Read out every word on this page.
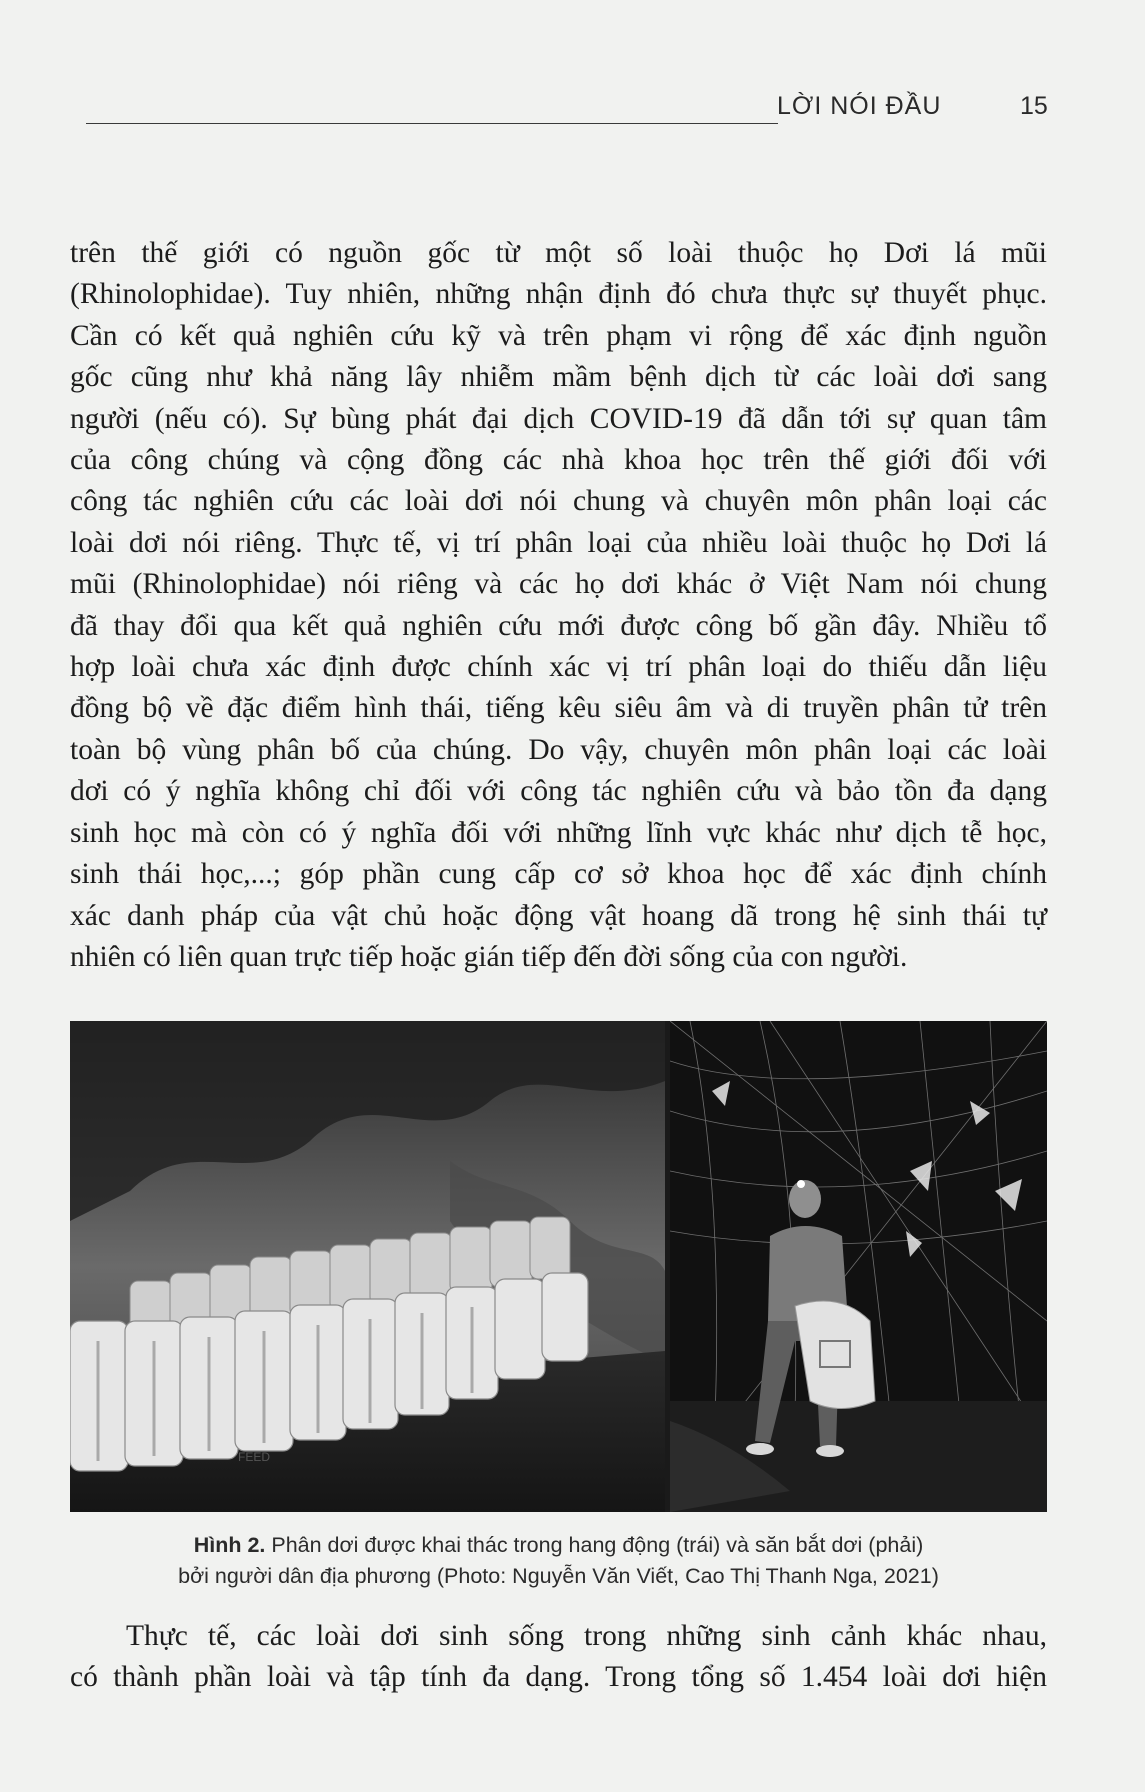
LỜI NÓI ĐẦU	15
trên thế giới có nguồn gốc từ một số loài thuộc họ Dơi lá mũi
(Rhinolophidae). Tuy nhiên, những nhận định đó chưa thực sự thuyết phục.
Cần có kết quả nghiên cứu kỹ và trên phạm vi rộng để xác định nguồn
gốc cũng như khả năng lây nhiễm mầm bệnh dịch từ các loài dơi sang
người (nếu có). Sự bùng phát đại dịch COVID-19 đã dẫn tới sự quan tâm
của công chúng và cộng đồng các nhà khoa học trên thế giới đối với
công tác nghiên cứu các loài dơi nói chung và chuyên môn phân loại các
loài dơi nói riêng. Thực tế, vị trí phân loại của nhiều loài thuộc họ Dơi lá
mũi (Rhinolophidae) nói riêng và các họ dơi khác ở Việt Nam nói chung
đã thay đổi qua kết quả nghiên cứu mới được công bố gần đây. Nhiều tổ
hợp loài chưa xác định được chính xác vị trí phân loại do thiếu dẫn liệu
đồng bộ về đặc điểm hình thái, tiếng kêu siêu âm và di truyền phân tử trên
toàn bộ vùng phân bố của chúng. Do vậy, chuyên môn phân loại các loài
dơi có ý nghĩa không chỉ đối với công tác nghiên cứu và bảo tồn đa dạng
sinh học mà còn có ý nghĩa đối với những lĩnh vực khác như dịch tễ học,
sinh thái học,...; góp phần cung cấp cơ sở khoa học để xác định chính
xác danh pháp của vật chủ hoặc động vật hoang dã trong hệ sinh thái tự
nhiên có liên quan trực tiếp hoặc gián tiếp đến đời sống của con người.
FEED
Hình 2. Phân dơi được khai thác trong hang động (trái) và săn bắt dơi (phải)
bởi người dân địa phương (Photo: Nguyễn Văn Viết, Cao Thị Thanh Nga, 2021)
Thực tế, các loài dơi sinh sống trong những sinh cảnh khác nhau,
có thành phần loài và tập tính đa dạng. Trong tổng số 1.454 loài dơi hiện
